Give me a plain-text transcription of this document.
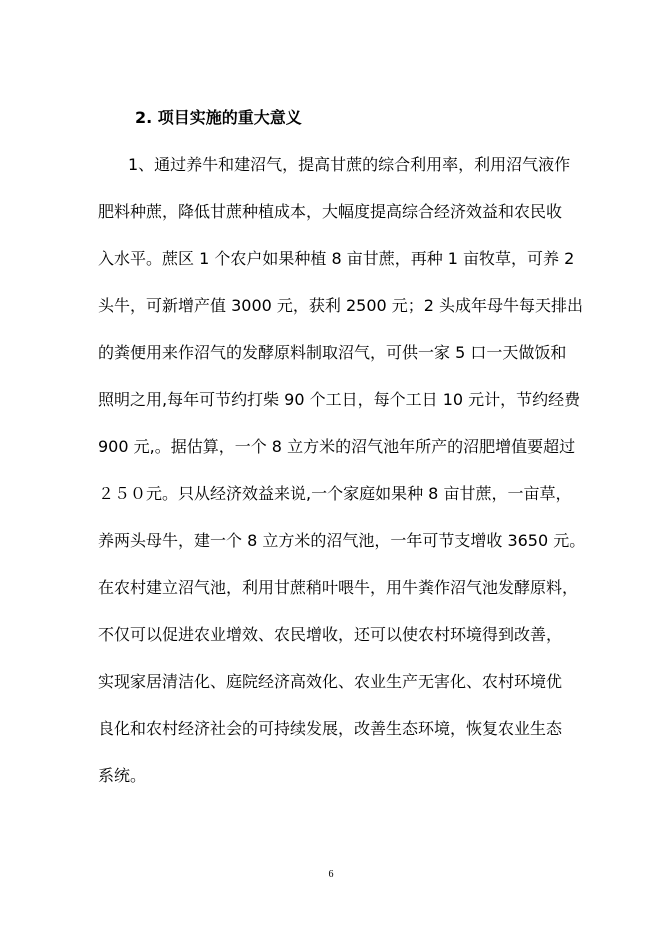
2. 项目实施的重大意义
1、通过养牛和建沼气，提高甘蔗的综合利用率，利用沼气液作
肥料种蔗，降低甘蔗种植成本，大幅度提高综合经济效益和农民收
入水平。蔗区 1 个农户如果种植 8 亩甘蔗，再种 1 亩牧草，可养 2
头牛，可新增产值 3000 元，获利 2500 元；2 头成年母牛每天排出
的粪便用来作沼气的发酵原料制取沼气，可供一家 5 口一天做饭和
照明之用,每年可节约打柴 90 个工日，每个工日 10 元计，节约经费
900 元,。据估算，一个 8 立方米的沼气池年所产的沼肥增值要超过
２５０元。只从经济效益来说,一个家庭如果种 8 亩甘蔗，一亩草，
养两头母牛，建一个 8 立方米的沼气池，一年可节支增收 3650 元。
在农村建立沼气池，利用甘蔗稍叶喂牛，用牛粪作沼气池发酵原料，
不仅可以促进农业增效、农民增收，还可以使农村环境得到改善，
实现家居清洁化、庭院经济高效化、农业生产无害化、农村环境优
良化和农村经济社会的可持续发展，改善生态环境，恢复农业生态
系统。
6
